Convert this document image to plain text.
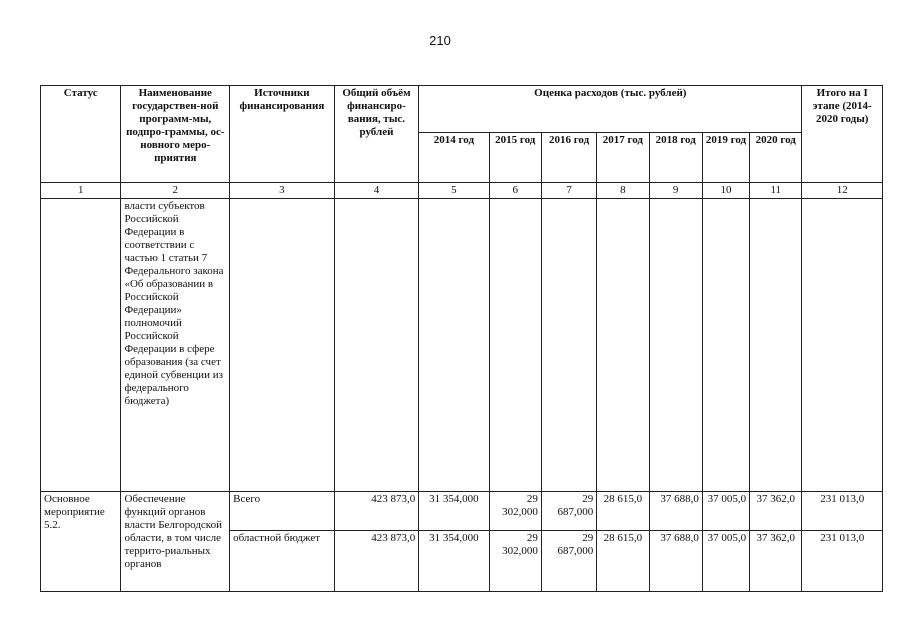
210
Статус	Наименование государствен-ной программ-мы, подпро-граммы, ос-новного меро-приятия	Источники финансирования	Общий объём финансиро-вания, тыс. рублей	Оценка расходов (тыс. рублей)							Итого на I этапе (2014-2020 годы)
				2014 год	2015 год	2016 год	2017 год	2018 год	2019 год	2020 год	
1	2	3	4	5	6	7	8	9	10	11	12
	власти субъектов Российской Федерации в соответствии с частью 1 статьи 7 Федерального закона «Об образовании в Российской Федерации» полномочий Российской Федерации в сфере образования (за счет единой субвенции из федерального бюджета)										
Основное мероприятие 5.2.	Обеспечение функций органов власти Белгородской области, в том числе террито-риальных органов	Всего	423 873,0	31 354,000	29 302,000	29 687,000	28 615,0	37 688,0	37 005,0	37 362,0	231 013,0
		областной бюджет	423 873,0	31 354,000	29 302,000	29 687,000	28 615,0	37 688,0	37 005,0	37 362,0	231 013,0
